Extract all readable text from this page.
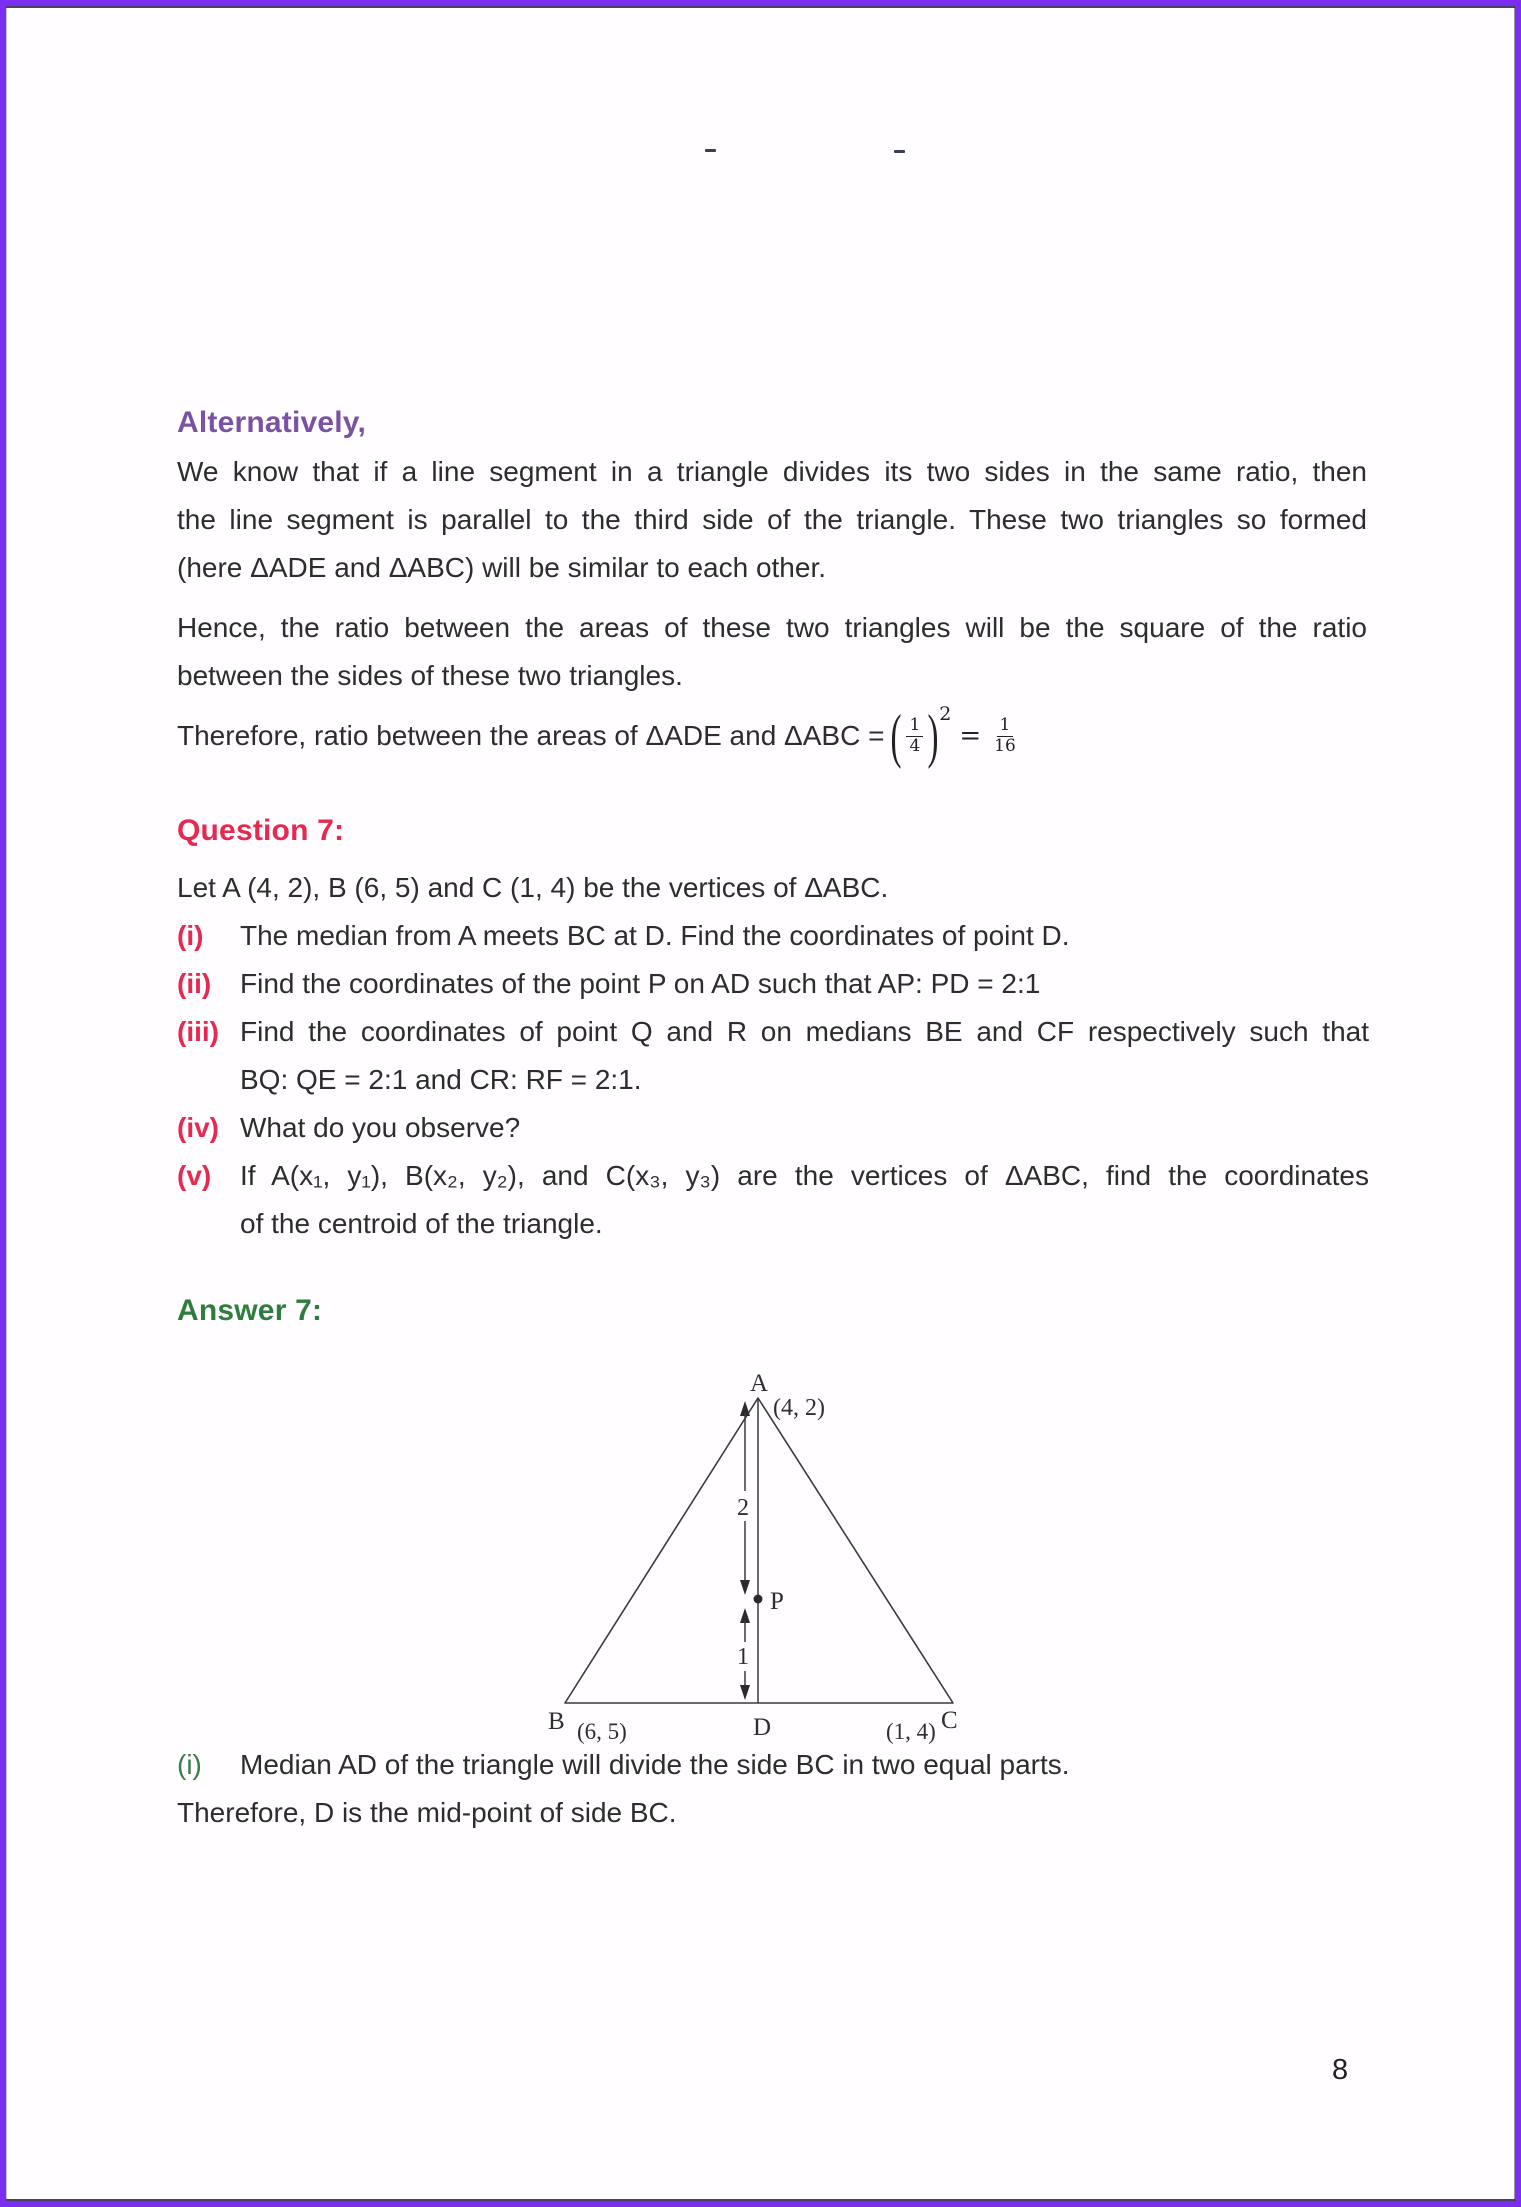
Alternatively,
We know that if a line segment in a triangle divides its two sides in the same ratio, then
the line segment is parallel to the third side of the triangle. These two triangles so formed
(here ΔADE and ΔABC) will be similar to each other.
Hence, the ratio between the areas of these two triangles will be the square of the ratio
between the sides of these two triangles.
Therefore, ratio between the areas of ΔADE and ΔABC = ( $\frac{1}{4}$ ) 2
= $\frac{1}{16}$
Question 7:
Let A (4, 2), B (6, 5) and C (1, 4) be the vertices of ΔABC.
(i)	The median from A meets BC at D. Find the coordinates of point D.
(ii)	Find the coordinates of the point P on AD such that AP: PD = 2:1
(iii) Find the coordinates of point Q and R on medians BE and CF respectively such that
BQ: QE = 2:1 and CR: RF = 2:1.
(iv) What do you observe?
(v)	If A(x₁, y₁), B(x₂, y₂), and C(x₃, y₃) are the vertices of ΔABC, find the coordinates
of the centroid of the triangle.
Answer 7:
2
1
A
(4, 2)
P
B (6, 5)	D	(1, 4) C
(i)	Median AD of the triangle will divide the side BC in two equal parts.
Therefore, D is the mid-point of side BC.
8
